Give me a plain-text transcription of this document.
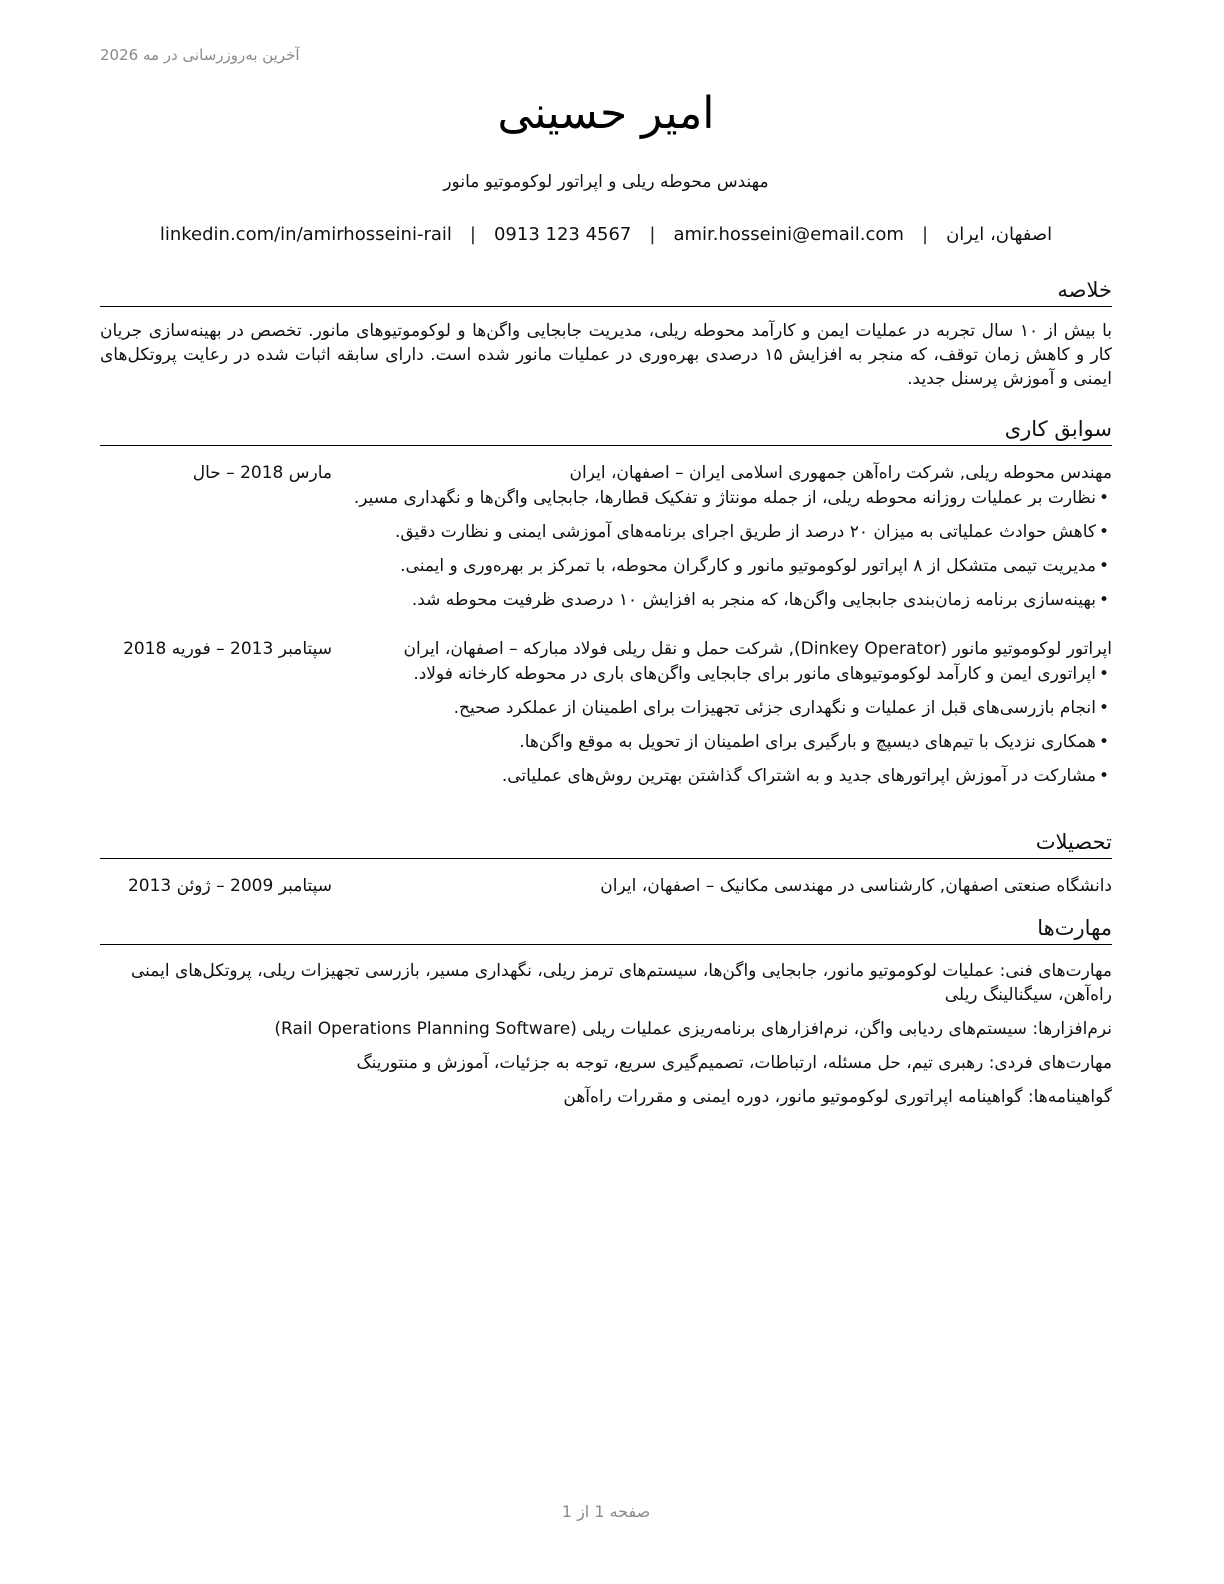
آخرین به‌روزرسانی در مه 2026
امیر حسینی
مهندس محوطه ریلی و اپراتور لوکوموتیو مانور
اصفهان، ایران|amir.hosseini@email.com|0913 123 4567|linkedin.com/in/amirhosseini-rail
خلاصه
با بیش از ۱۰ سال تجربه در عملیات ایمن و کارآمد محوطه ریلی، مدیریت جابجایی واگن‌ها و لوکوموتیوهای مانور. تخصص در بهینه‌سازی جریان کار و کاهش زمان توقف، که منجر به افزایش ۱۵ درصدی بهره‌وری در عملیات مانور شده است. دارای سابقه اثبات شده در رعایت پروتکل‌های ایمنی و آموزش پرسنل جدید.
سوابق کاری
مهندس محوطه ریلی, شرکت راه‌آهن جمهوری اسلامی ایران – اصفهان، ایران
مارس 2018 – حال
•نظارت بر عملیات روزانه محوطه ریلی، از جمله مونتاژ و تفکیک قطارها، جابجایی واگن‌ها و نگهداری مسیر.
•کاهش حوادث عملیاتی به میزان ۲۰ درصد از طریق اجرای برنامه‌های آموزشی ایمنی و نظارت دقیق.
•مدیریت تیمی متشکل از ۸ اپراتور لوکوموتیو مانور و کارگران محوطه، با تمرکز بر بهره‌وری و ایمنی.
•بهینه‌سازی برنامه زمان‌بندی جابجایی واگن‌ها، که منجر به افزایش ۱۰ درصدی ظرفیت محوطه شد.
اپراتور لوکوموتیو مانور (Dinkey Operator), شرکت حمل و نقل ریلی فولاد مبارکه – اصفهان، ایران
سپتامبر 2013 – فوریه 2018
•اپراتوری ایمن و کارآمد لوکوموتیوهای مانور برای جابجایی واگن‌های باری در محوطه کارخانه فولاد.
•انجام بازرسی‌های قبل از عملیات و نگهداری جزئی تجهیزات برای اطمینان از عملکرد صحیح.
•همکاری نزدیک با تیم‌های دیسپچ و بارگیری برای اطمینان از تحویل به موقع واگن‌ها.
•مشارکت در آموزش اپراتورهای جدید و به اشتراک گذاشتن بهترین روش‌های عملیاتی.
تحصیلات
دانشگاه صنعتی اصفهان, کارشناسی در مهندسی مکانیک – اصفهان، ایران
سپتامبر 2009 – ژوئن 2013
مهارت‌ها
مهارت‌های فنی: عملیات لوکوموتیو مانور، جابجایی واگن‌ها، سیستم‌های ترمز ریلی، نگهداری مسیر، بازرسی تجهیزات ریلی، پروتکل‌های ایمنی راه‌آهن، سیگنالینگ ریلی
نرم‌افزارها: سیستم‌های ردیابی واگن، نرم‌افزارهای برنامه‌ریزی عملیات ریلی (Rail Operations Planning Software)
مهارت‌های فردی: رهبری تیم، حل مسئله، ارتباطات، تصمیم‌گیری سریع، توجه به جزئیات، آموزش و منتورینگ
گواهینامه‌ها: گواهینامه اپراتوری لوکوموتیو مانور، دوره ایمنی و مقررات راه‌آهن
صفحه 1 از 1
